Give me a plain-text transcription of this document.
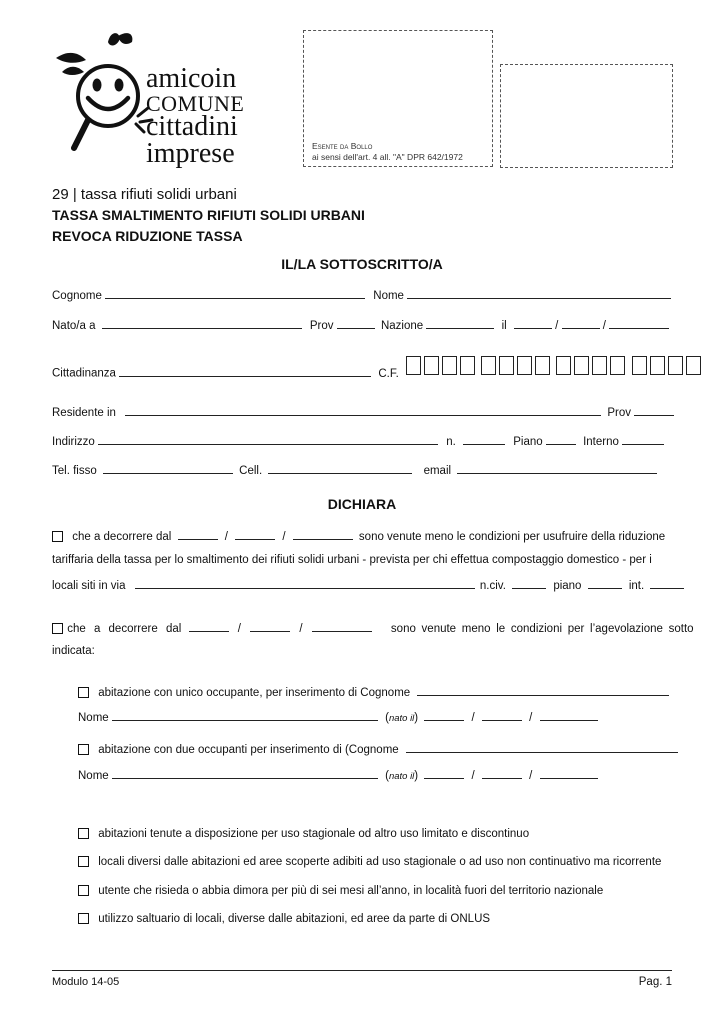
amicoin
COMUNE
cittadini
imprese	Esente da Bollo
ai sensi dell'art. 4 all. "A" DPR 642/1972
29 | tassa rifiuti solidi urbani
TASSA SMALTIMENTO RIFIUTI SOLIDI URBANI
REVOCA RIDUZIONE TASSA
IL/LA SOTTOSCRITTO/A
Cognome	Nome
Nato/a a	Prov	Nazione	il	/	/
Cittadinanza	C.F.
Residente in	Prov
Indirizzo	n.	Piano	Interno
Tel. fisso	Cell.	email
DICHIARA
che a decorrere dal	/	/	sono venute meno le condizioni per usufruire della riduzione
tariffaria della tassa per lo smaltimento dei rifiuti solidi urbani - prevista per chi effettua compostaggio domestico - per i
locali siti in via	n.civ.	piano	int.
che a decorrere dal	/	/	sono venute meno le condizioni per l’agevolazione sotto
indicata:
abitazione con unico occupante, per inserimento di Cognome
Nome	(nato il)	/	/
abitazione con due occupanti per inserimento di (Cognome
Nome	(nato il)	/	/
abitazioni tenute a disposizione per uso stagionale od altro uso limitato e discontinuo
locali diversi dalle abitazioni ed aree scoperte adibiti ad uso stagionale o ad uso non continuativo ma ricorrente
utente che risieda o abbia dimora per più di sei mesi all’anno, in località fuori del territorio nazionale
utilizzo saltuario di locali, diverse dalle abitazioni, ed aree da parte di ONLUS
Modulo 14-05	Pag. 1
